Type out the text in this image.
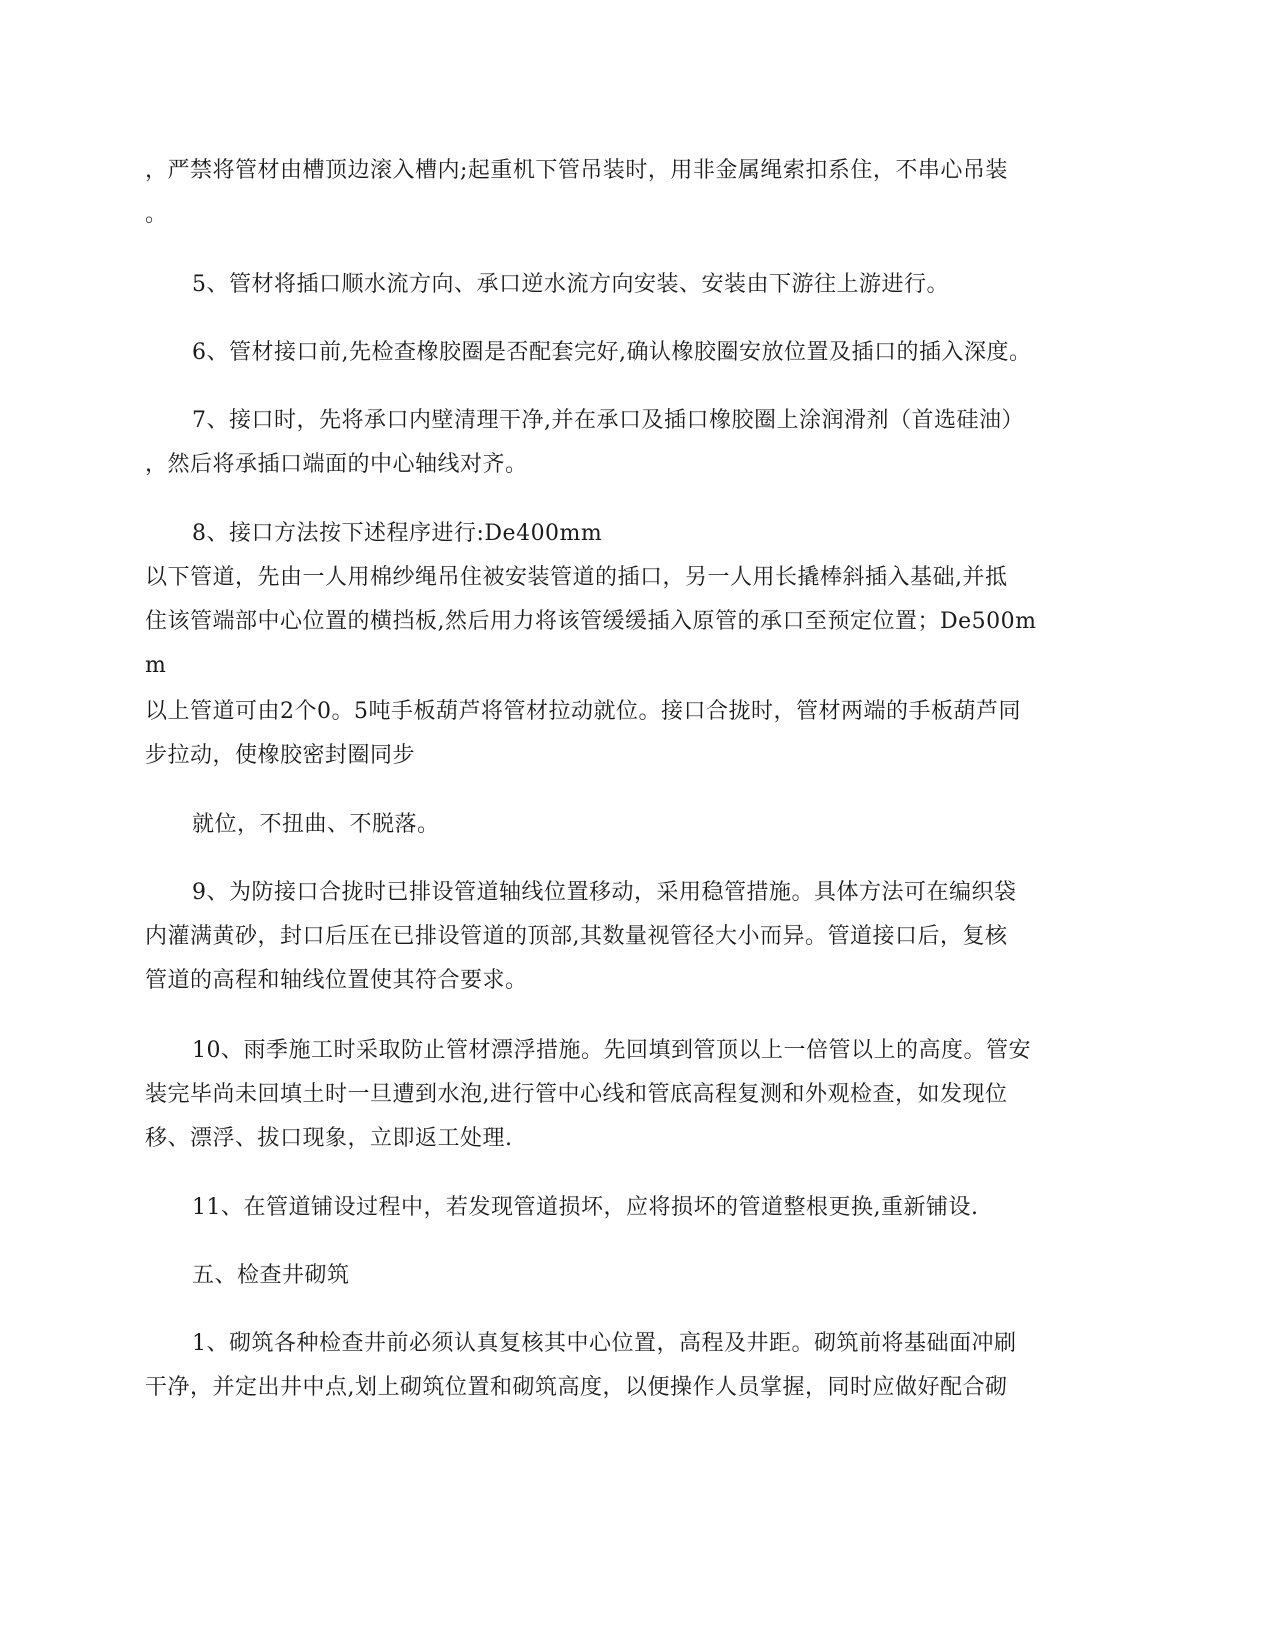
，严禁将管材由槽顶边滚入槽内;起重机下管吊装时，用非金属绳索扣系住，不串心吊装
。
5、管材将插口顺水流方向、承口逆水流方向安装、安装由下游往上游进行。
6、管材接口前,先检查橡胶圈是否配套完好,确认橡胶圈安放位置及插口的插入深度。
7、接口时，先将承口内壁清理干净,并在承口及插口橡胶圈上涂润滑剂（首选硅油）
，然后将承插口端面的中心轴线对齐。
8、接口方法按下述程序进行:De400mm
以下管道，先由一人用棉纱绳吊住被安装管道的插口，另一人用长撬棒斜插入基础,并抵
住该管端部中心位置的横挡板,然后用力将该管缓缓插入原管的承口至预定位置；De500m
m
以上管道可由2个0。5吨手板葫芦将管材拉动就位。接口合拢时，管材两端的手板葫芦同
步拉动，使橡胶密封圈同步
就位，不扭曲、不脱落。
9、为防接口合拢时已排设管道轴线位置移动，采用稳管措施。具体方法可在编织袋
内灌满黄砂，封口后压在已排设管道的顶部,其数量视管径大小而异。管道接口后，复核
管道的高程和轴线位置使其符合要求。
10、雨季施工时采取防止管材漂浮措施。先回填到管顶以上一倍管以上的高度。管安
装完毕尚未回填土时一旦遭到水泡,进行管中心线和管底高程复测和外观检查，如发现位
移、漂浮、拔口现象，立即返工处理.
11、在管道铺设过程中，若发现管道损坏，应将损坏的管道整根更换,重新铺设.
五、检查井砌筑
1、砌筑各种检查井前必须认真复核其中心位置，高程及井距。砌筑前将基础面冲刷
干净，并定出井中点,划上砌筑位置和砌筑高度，以便操作人员掌握，同时应做好配合砌
